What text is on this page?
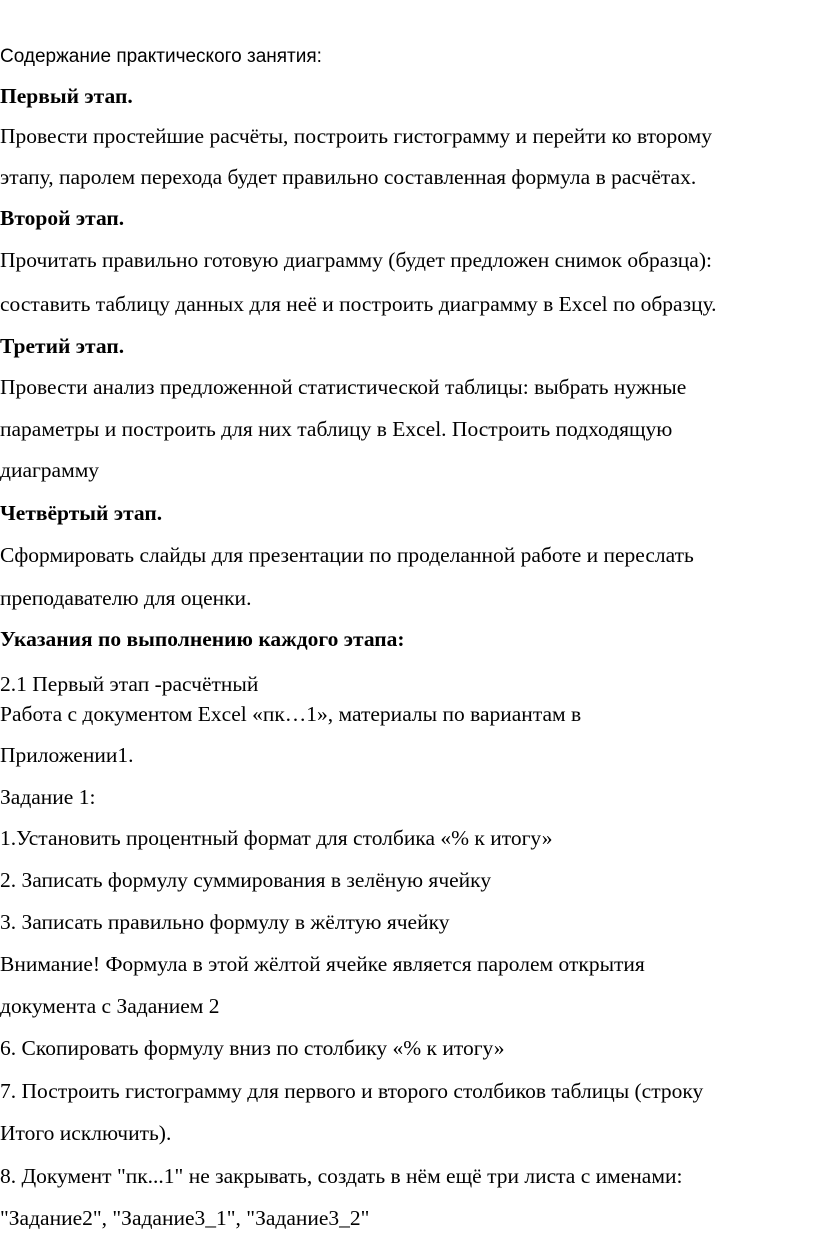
Содержание практического занятия:
Первый этап.
Провести простейшие расчёты, построить гистограмму и перейти ко второму
этапу, паролем перехода будет правильно составленная формула в расчётах.
Второй этап.
Прочитать правильно готовую диаграмму (будет предложен снимок образца):
составить таблицу данных для неё и построить диаграмму в Excel по образцу.
Третий этап.
Провести анализ предложенной статистической таблицы: выбрать нужные
параметры и построить для них таблицу в Excel. Построить подходящую
диаграмму
Четвёртый этап.
Сформировать слайды для презентации по проделанной работе и переслать
преподавателю для оценки.
Указания по выполнению каждого этапа:
2.1 Первый этап -расчётный
Работа с документом Excel «пк…1», материалы по вариантам в
Приложении1.
Задание 1:
1.Установить процентный формат для столбика «% к итогу»
2. Записать формулу суммирования в зелёную ячейку
3. Записать правильно формулу в жёлтую ячейку
Внимание! Формула в этой жёлтой ячейке является паролем открытия
документа с Заданием 2
6. Скопировать формулу вниз по столбику «% к итогу»
7. Построить гистограмму для первого и второго столбиков таблицы (строку
Итого исключить).
8. Документ "пк...1" не закрывать, создать в нём ещё три листа с именами:
"Задание2", "Задание3_1", "Задание3_2"
